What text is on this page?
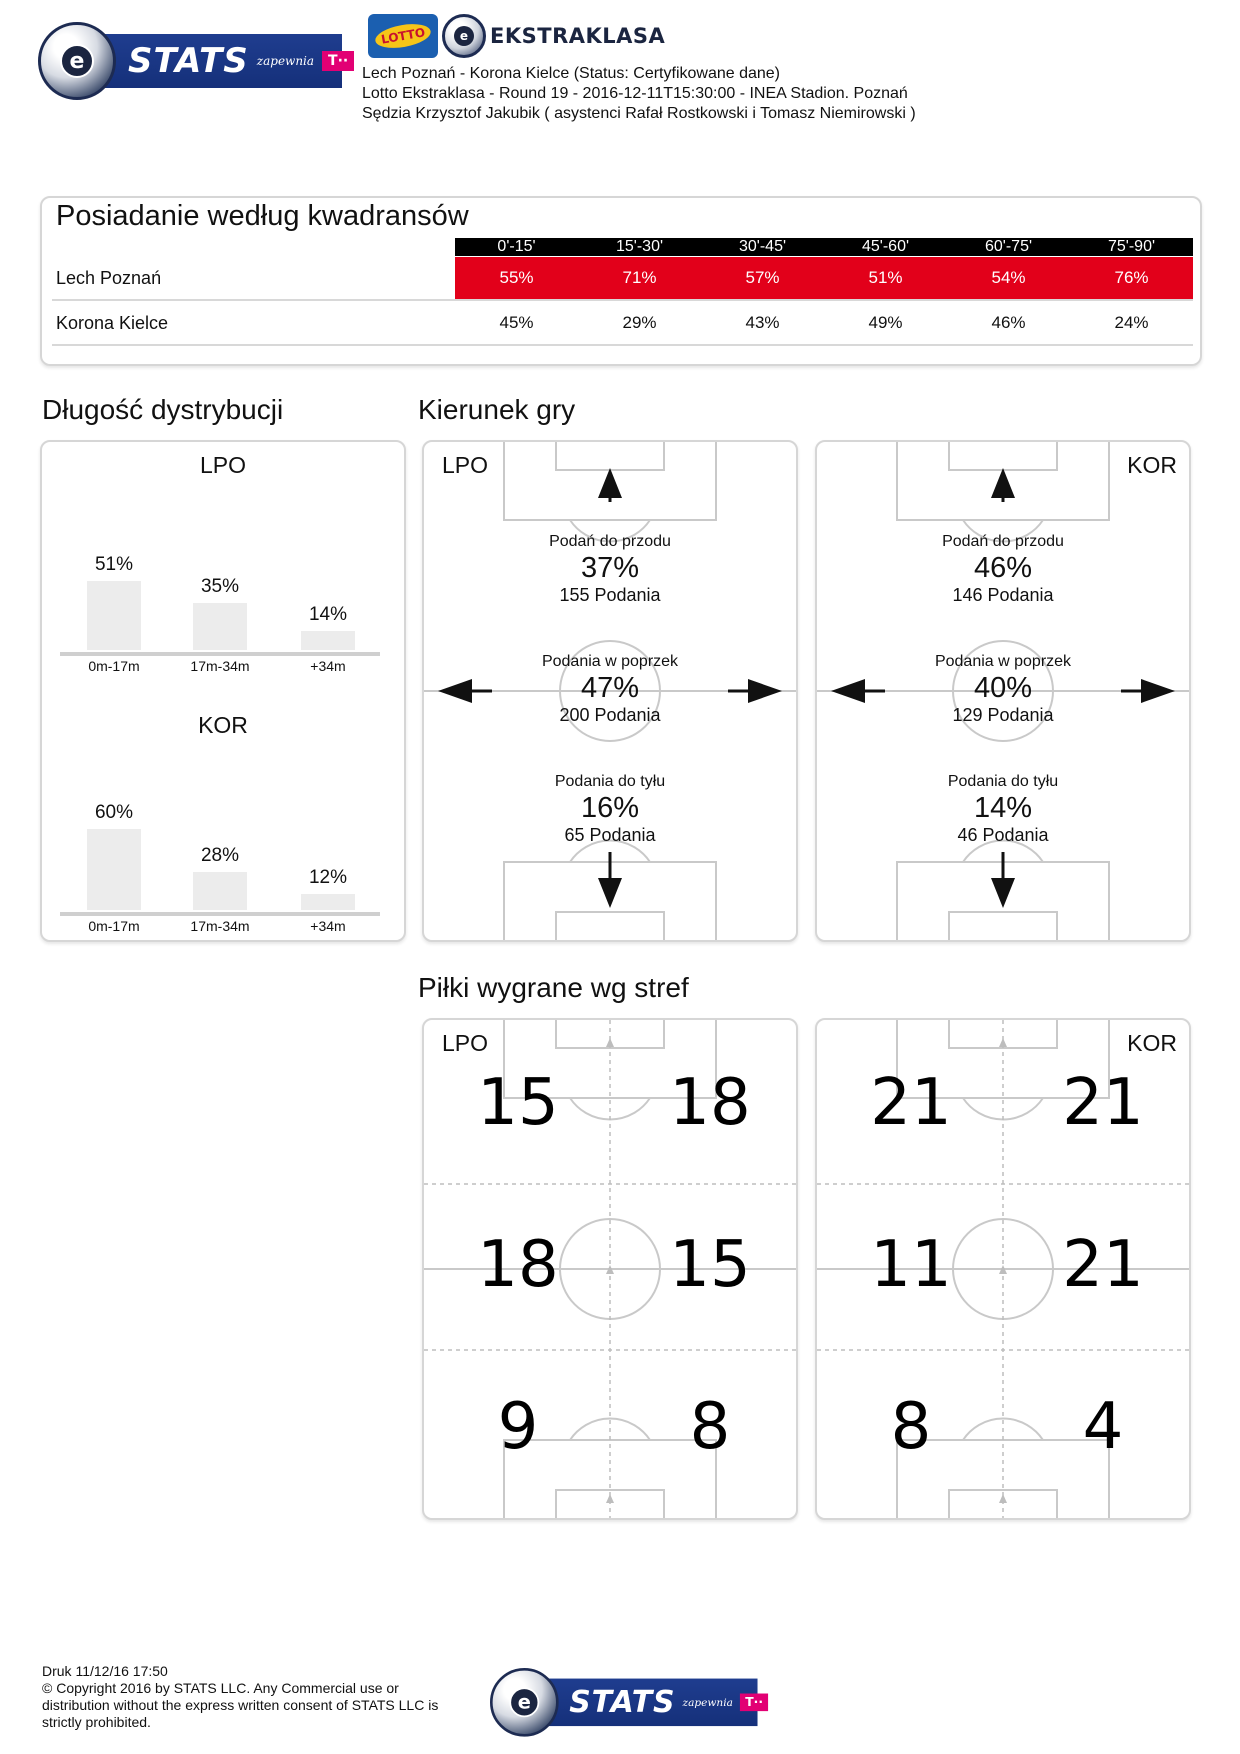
e STATS zapewnia	T··
LOTTO	e EKSTRAKLASA
Lech Poznań - Korona Kielce (Status: Certyfikowane dane)
Lotto Ekstraklasa - Round 19 - 2016-12-11T15:30:00 - INEA Stadion. Poznań
Sędzia Krzysztof Jakubik ( asystenci Rafał Rostkowski i Tomasz Niemirowski )
Posiadanie według kwadransów
0'-15'	15'-30'	30'-45'	45'-60'	60'-75'	75'-90'
Lech Poznań	55%	71%	57%	51%	54%	76%
Korona Kielce	45%	29%	43%	49%	46%	24%
Długość dystrybucji
LPO
KOR
51%
0m-17m
35%
17m-34m
14%
+34m
60%
0m-17m
28%
17m-34m
12%
+34m
Kierunek gry
LPO
Podań do przodu
37%
155 Podania
Podania w poprzek
47%
200 Podania
Podania do tyłu
16%
65 Podania
KOR
Podań do przodu
46%
146 Podania
Podania w poprzek
40%
129 Podania
Podania do tyłu
14%
46 Podania
Piłki wygrane wg stref
LPO
15	18
18	15
9	8
KOR
21	21
11	21
8	4
Druk 11/12/16 17:50
© Copyright 2016 by STATS LLC. Any Commercial use or distribution without the express written consent of STATS LLC is strictly prohibited.
e STATS zapewnia T··
